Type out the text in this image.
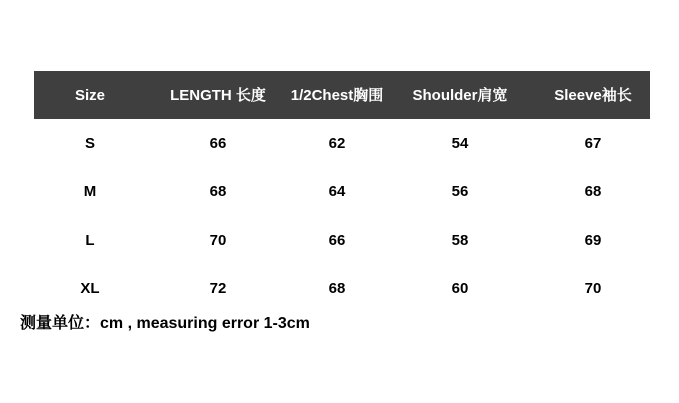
Size	LENGTH 长度	1/2Chest胸围	Shoulder肩宽	Sleeve袖长
S	66	62	54	67
M	68	64	56	68
L	70	66	58	69
XL	72	68	60	70
测量单位：cm , measuring error 1-3cm
